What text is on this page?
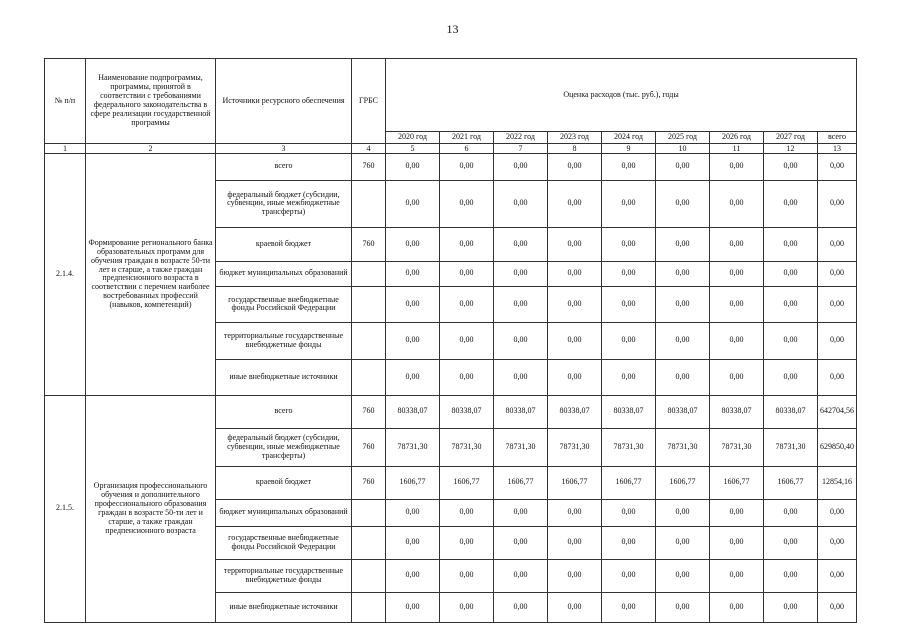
13
№ п/п	Наименование подпрограммы, программы, принятой в соответствии с требованиями федерального законодательства в сфере реализации государственной программы	Источники ресурсного обеспечения	ГРБС	Оценка расходов (тыс. руб.), годы								
				2020 год	2021 год	2022 год	2023 год	2024 год	2025 год	2026 год	2027 год	всего
1	2	3	4	5	6	7	8	9	10	11	12	13
2.1.4.	Формирование регионального банка образовательных программ для обучения граждан в возрасте 50-ти лет и старше, а также граждан предпенсионного возраста в соответствии с перечнем наиболее востребованных профессий (навыков, компетенций)	всего	760	0,00	0,00	0,00	0,00	0,00	0,00	0,00	0,00	0,00
		федеральный бюджет (субсидии, субвенции, иные межбюджетные трансферты)		0,00	0,00	0,00	0,00	0,00	0,00	0,00	0,00	0,00
		краевой бюджет	760	0,00	0,00	0,00	0,00	0,00	0,00	0,00	0,00	0,00
		бюджет муниципальных образований		0,00	0,00	0,00	0,00	0,00	0,00	0,00	0,00	0,00
		государственные внебюджетные фонды Российской Федерации		0,00	0,00	0,00	0,00	0,00	0,00	0,00	0,00	0,00
		территориальные государственные внебюджетные фонды		0,00	0,00	0,00	0,00	0,00	0,00	0,00	0,00	0,00
		иные внебюджетные источники		0,00	0,00	0,00	0,00	0,00	0,00	0,00	0,00	0,00
2.1.5.	Организация профессионального обучения и дополнительного профессионального образования граждан в возрасте 50-ти лет и старше, а также граждан предпенсионного возраста	всего	760	80338,07	80338,07	80338,07	80338,07	80338,07	80338,07	80338,07	80338,07	642704,56
		федеральный бюджет (субсидии, субвенции, иные межбюджетные трансферты)	760	78731,30	78731,30	78731,30	78731,30	78731,30	78731,30	78731,30	78731,30	629850,40
		краевой бюджет	760	1606,77	1606,77	1606,77	1606,77	1606,77	1606,77	1606,77	1606,77	12854,16
		бюджет муниципальных образований		0,00	0,00	0,00	0,00	0,00	0,00	0,00	0,00	0,00
		государственные внебюджетные фонды Российской Федерации		0,00	0,00	0,00	0,00	0,00	0,00	0,00	0,00	0,00
		территориальные государственные внебюджетные фонды		0,00	0,00	0,00	0,00	0,00	0,00	0,00	0,00	0,00
		иные внебюджетные источники		0,00	0,00	0,00	0,00	0,00	0,00	0,00	0,00	0,00
